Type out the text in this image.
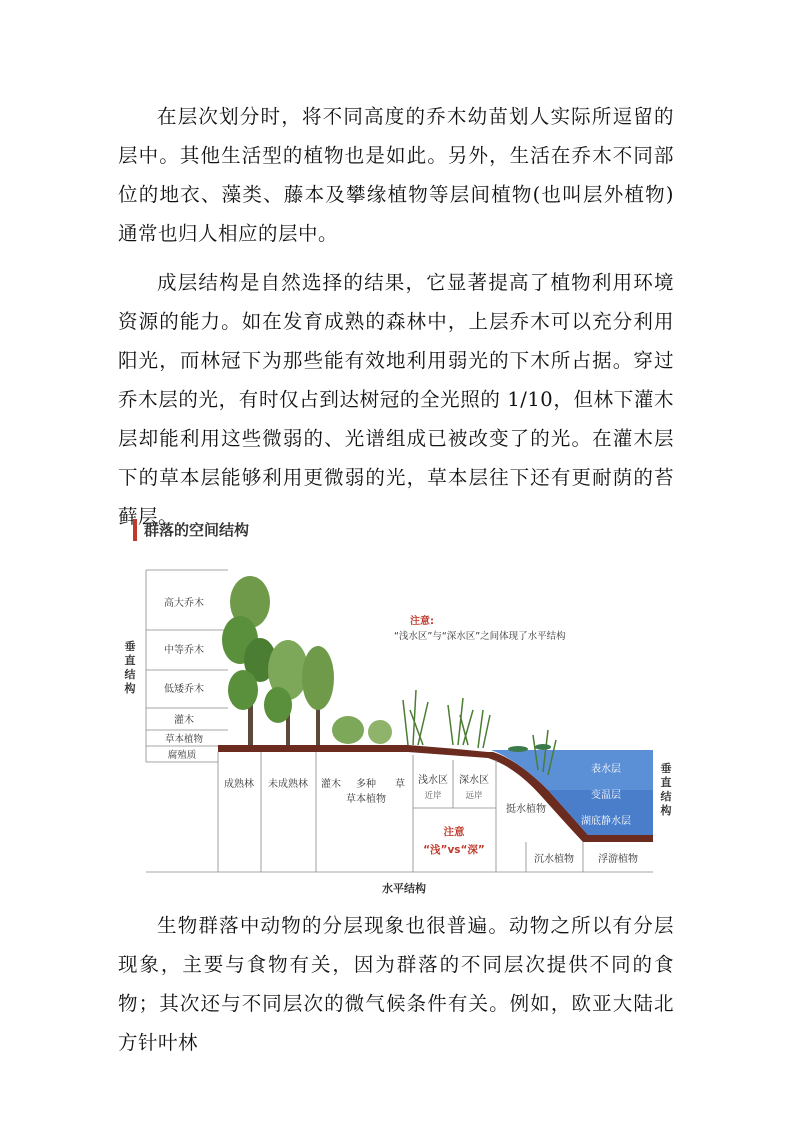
在层次划分时，将不同高度的乔木幼苗划人实际所逗留的层中。其他生活型的植物也是如此。另外，生活在乔木不同部位的地衣、藻类、藤本及攀缘植物等层间植物(也叫层外植物)通常也归人相应的层中。

成层结构是自然选择的结果，它显著提高了植物利用环境资源的能力。如在发育成熟的森林中，上层乔木可以充分利用阳光，而林冠下为那些能有效地利用弱光的下木所占据。穿过乔木层的光，有时仅占到达树冠的全光照的 1/10，但林下灌木层却能利用这些微弱的、光谱组成已被改变了的光。在灌木层下的草本层能够利用更微弱的光，草本层往下还有更耐荫的苔藓层。

群落的空间结构
高大乔木
中等乔木
低矮乔木
灌木
草本植物
腐殖质
垂直结构
表水层
变温层
湖底静水层
注意:
“浅水区”与“深水区”之间体现了水平结构
成熟林 未成熟林 灌木 多种 草
草本植物
浅水区
近岸
深水区
远岸
挺水植物
沉水植物 浮游植物
注意
“浅”vs“深”
垂直结构
水平结构

生物群落中动物的分层现象也很普遍。动物之所以有分层现象，主要与食物有关，因为群落的不同层次提供不同的食物；其次还与不同层次的微气候条件有关。例如，欧亚大陆北方针叶林
